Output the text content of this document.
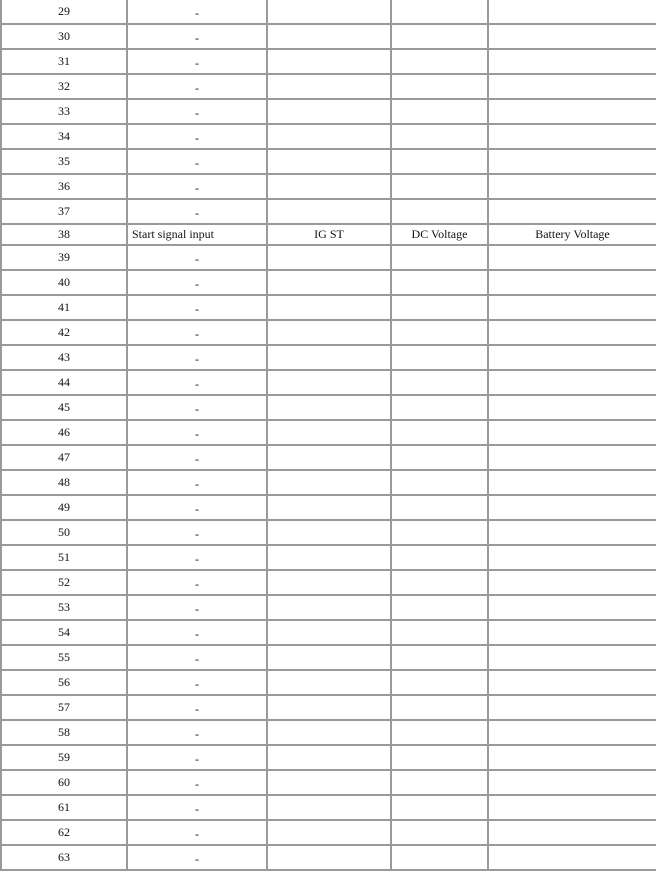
29	-			
30	-			
31	-			
32	-			
33	-			
34	-			
35	-			
36	-			
37	-			
38	Start signal input	IG ST	DC Voltage	Battery Voltage
39	-			
40	-			
41	-			
42	-			
43	-			
44	-			
45	-			
46	-			
47	-			
48	-			
49	-			
50	-			
51	-			
52	-			
53	-			
54	-			
55	-			
56	-			
57	-			
58	-			
59	-			
60	-			
61	-			
62	-			
63	-			
